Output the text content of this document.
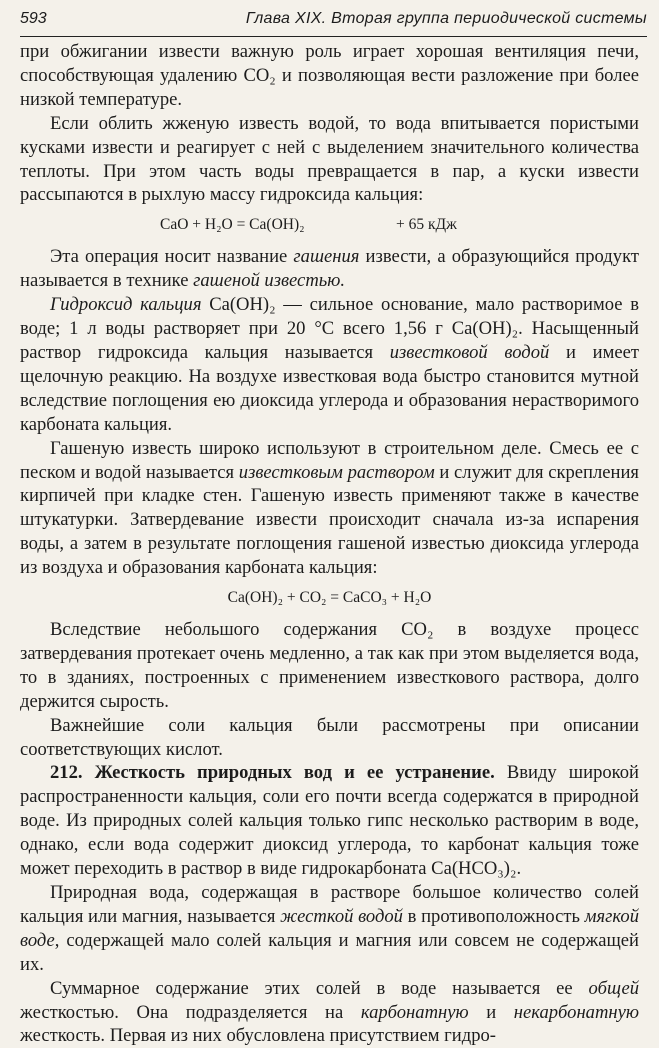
593	Глава XIX. Вторая группа периодической системы

при обжигании извести важную роль играет хорошая вентиляция печи, способствующая удалению CO₂ и позволяющая вести разложение при более низкой температуре.

Если облить жженую известь водой, то вода впитывается пористыми кусками извести и реагирует с ней с выделением значительного количества теплоты. При этом часть воды превращается в пар, а куски извести рассыпаются в рыхлую массу гидроксида кальция:

CaO + H₂O = Ca(OH)₂	+ 65 кДж

Эта операция носит название гашения извести, а образующийся продукт называется в технике гашеной известью.

Гидроксид кальция Ca(OH)₂ — сильное основание, мало растворимое в воде; 1 л воды растворяет при 20 °C всего 1,56 г Ca(OH)₂. Насыщенный раствор гидроксида кальция называется известковой водой и имеет щелочную реакцию. На воздухе известковая вода быстро становится мутной вследствие поглощения ею диоксида углерода и образования нерастворимого карбоната кальция.

Гашеную известь широко используют в строительном деле. Смесь ее с песком и водой называется известковым раствором и служит для скрепления кирпичей при кладке стен. Гашеную известь применяют также в качестве штукатурки. Затвердевание извести происходит сначала из-за испарения воды, а затем в результате поглощения гашеной известью диоксида углерода из воздуха и образования карбоната кальция:

Ca(OH)₂ + CO₂ = CaCO₃ + H₂O

Вследствие небольшого содержания CO₂ в воздухе процесс затвердевания протекает очень медленно, а так как при этом выделяется вода, то в зданиях, построенных с применением известкового раствора, долго держится сырость.

Важнейшие соли кальция были рассмотрены при описании соответствующих кислот.

212. Жесткость природных вод и ее устранение. Ввиду широкой распространенности кальция, соли его почти всегда содержатся в природной воде. Из природных солей кальция только гипс несколько растворим в воде, однако, если вода содержит диоксид углерода, то карбонат кальция тоже может переходить в раствор в виде гидрокарбоната Ca(HCO₃)₂.

Природная вода, содержащая в растворе большое количество солей кальция или магния, называется жесткой водой в противоположность мягкой воде, содержащей мало солей кальция и магния или совсем не содержащей их.

Суммарное содержание этих солей в воде называется ее общей жесткостью. Она подразделяется на карбонатную и некарбонатную жесткость. Первая из них обусловлена присутствием гидро-
